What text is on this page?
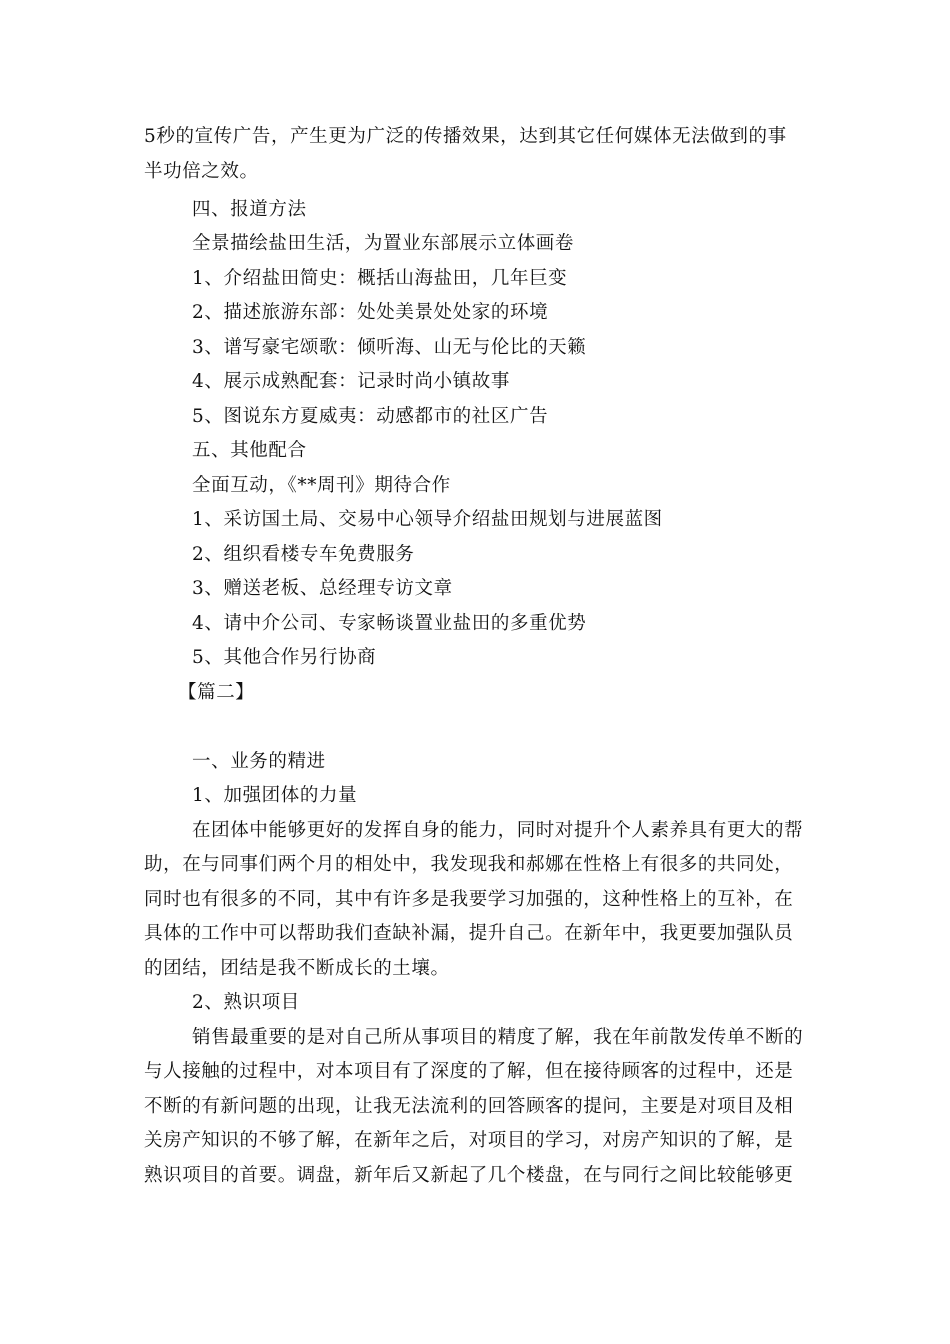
5秒的宣传广告，产生更为广泛的传播效果，达到其它任何媒体无法做到的事
半功倍之效。
四、报道方法
全景描绘盐田生活，为置业东部展示立体画卷
1、介绍盐田简史：概括山海盐田，几年巨变
2、描述旅游东部：处处美景处处家的环境
3、谱写豪宅颂歌：倾听海、山无与伦比的天籁
4、展示成熟配套：记录时尚小镇故事
5、图说东方夏威夷：动感都市的社区广告
五、其他配合
全面互动，《**周刊》期待合作
1、采访国土局、交易中心领导介绍盐田规划与进展蓝图
2、组织看楼专车免费服务
3、赠送老板、总经理专访文章
4、请中介公司、专家畅谈置业盐田的多重优势
5、其他合作另行协商
【篇二】
一、业务的精进
1、加强团体的力量
在团体中能够更好的发挥自身的能力，同时对提升个人素养具有更大的帮
助，在与同事们两个月的相处中，我发现我和郝娜在性格上有很多的共同处，
同时也有很多的不同，其中有许多是我要学习加强的，这种性格上的互补，在
具体的工作中可以帮助我们查缺补漏，提升自己。在新年中，我更要加强队员
的团结，团结是我不断成长的土壤。
2、熟识项目
销售最重要的是对自己所从事项目的精度了解，我在年前散发传单不断的
与人接触的过程中，对本项目有了深度的了解，但在接待顾客的过程中，还是
不断的有新问题的出现，让我无法流利的回答顾客的提问，主要是对项目及相
关房产知识的不够了解，在新年之后，对项目的学习，对房产知识的了解，是
熟识项目的首要。调盘，新年后又新起了几个楼盘，在与同行之间比较能够更
